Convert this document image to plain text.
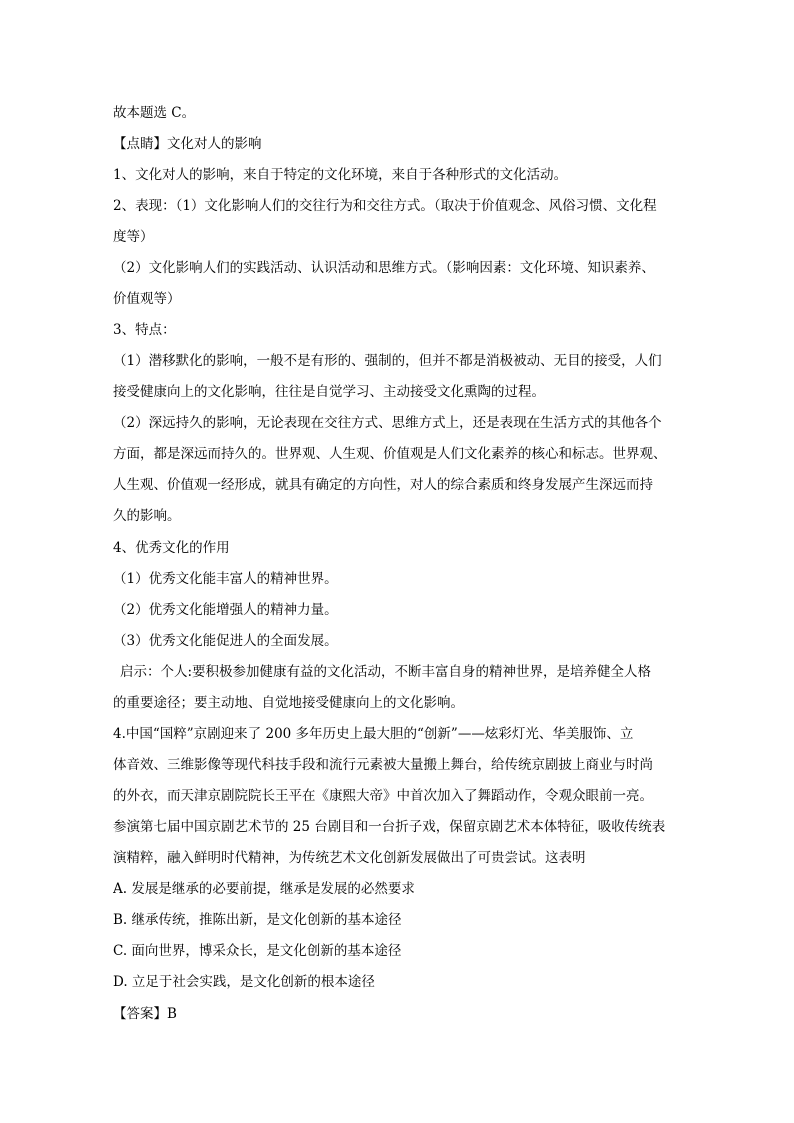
故本题选 C。
【点睛】文化对人的影响
1、文化对人的影响，来自于特定的文化环境，来自于各种形式的文化活动。
2、表现：（1）文化影响人们的交往行为和交往方式。（取决于价值观念、风俗习惯、文化程
度等）
（2）文化影响人们的实践活动、认识活动和思维方式。（影响因素：文化环境、知识素养、
价值观等）
3、特点：
（1）潜移默化的影响，一般不是有形的、强制的，但并不都是消极被动、无目的接受，人们
接受健康向上的文化影响，往往是自觉学习、主动接受文化熏陶的过程。
（2）深远持久的影响，无论表现在交往方式、思维方式上，还是表现在生活方式的其他各个
方面，都是深远而持久的。世界观、人生观、价值观是人们文化素养的核心和标志。世界观、
人生观、价值观一经形成，就具有确定的方向性，对人的综合素质和终身发展产生深远而持
久的影响。
4、优秀文化的作用
（1）优秀文化能丰富人的精神世界。
（2）优秀文化能增强人的精神力量。
（3）优秀文化能促进人的全面发展。
启示：个人:要积极参加健康有益的文化活动，不断丰富自身的精神世界，是培养健全人格
的重要途径；要主动地、自觉地接受健康向上的文化影响。
4.中国“国粹”京剧迎来了 200 多年历史上最大胆的“创新”——炫彩灯光、华美服饰、立
体音效、三维影像等现代科技手段和流行元素被大量搬上舞台，给传统京剧披上商业与时尚
的外衣，而天津京剧院院长王平在《康熙大帝》中首次加入了舞蹈动作，令观众眼前一亮。
参演第七届中国京剧艺术节的 25 台剧目和一台折子戏，保留京剧艺术本体特征，吸收传统表
演精粹，融入鲜明时代精神，为传统艺术文化创新发展做出了可贵尝试。这表明
A. 发展是继承的必要前提，继承是发展的必然要求
B. 继承传统，推陈出新，是文化创新的基本途径
C. 面向世界，博采众长，是文化创新的基本途径
D. 立足于社会实践，是文化创新的根本途径
【答案】B
